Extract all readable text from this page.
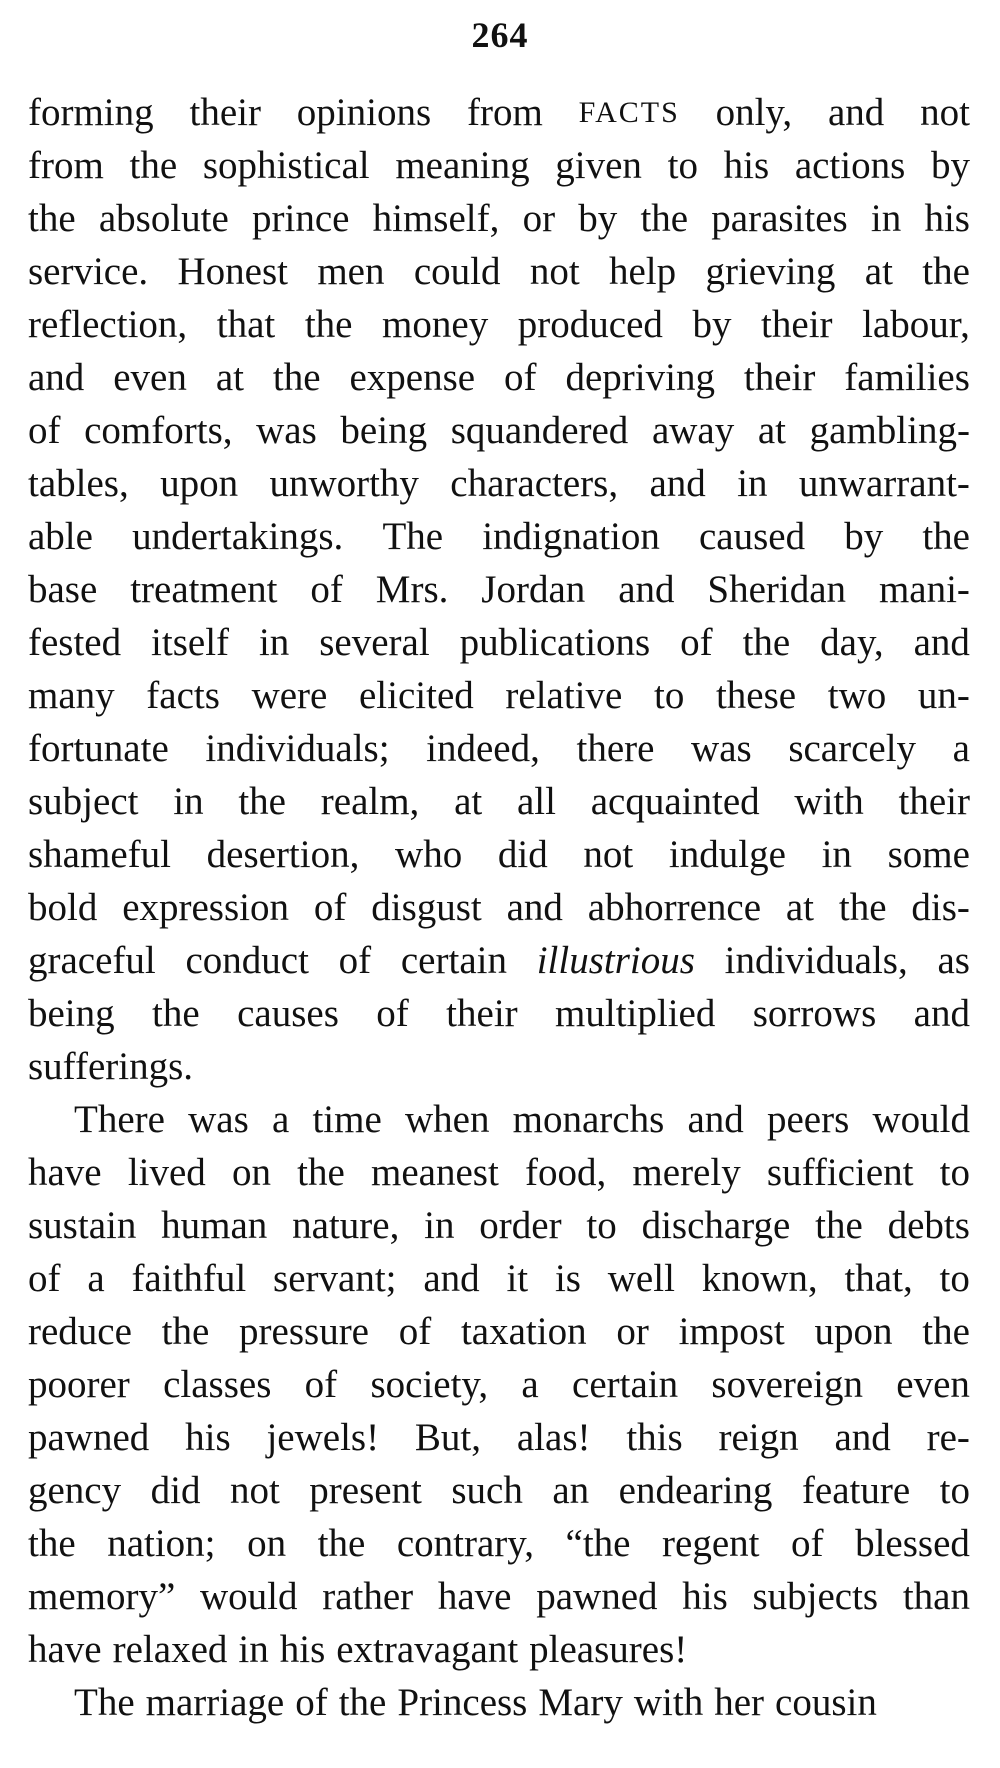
264
forming their opinions from FACTS only, and not
from the sophistical meaning given to his actions by
the absolute prince himself, or by the parasites in his
service. Honest men could not help grieving at the
reflection, that the money produced by their labour,
and even at the expense of depriving their families
of comforts, was being squandered away at gambling-
tables, upon unworthy characters, and in unwarrant-
able undertakings. The indignation caused by the
base treatment of Mrs. Jordan and Sheridan mani-
fested itself in several publications of the day, and
many facts were elicited relative to these two un-
fortunate individuals; indeed, there was scarcely a
subject in the realm, at all acquainted with their
shameful desertion, who did not indulge in some
bold expression of disgust and abhorrence at the dis-
graceful conduct of certain illustrious individuals, as
being the causes of their multiplied sorrows and
sufferings.
There was a time when monarchs and peers would
have lived on the meanest food, merely sufficient to
sustain human nature, in order to discharge the debts
of a faithful servant; and it is well known, that, to
reduce the pressure of taxation or impost upon the
poorer classes of society, a certain sovereign even
pawned his jewels! But, alas! this reign and re-
gency did not present such an endearing feature to
the nation; on the contrary, “the regent of blessed
memory” would rather have pawned his subjects than
have relaxed in his extravagant pleasures!
The marriage of the Princess Mary with her cousin
